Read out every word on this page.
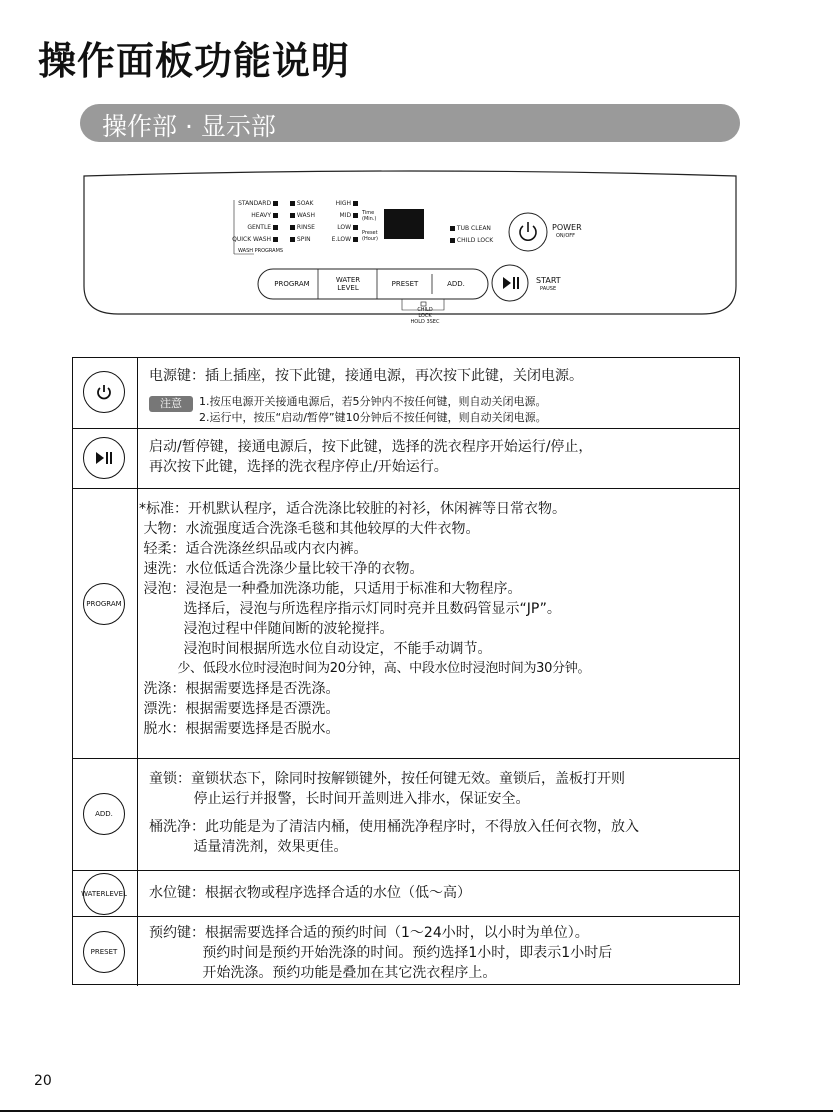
操作面板功能说明
操作部 · 显示部
STANDARD
HEAVY
GENTLE
QUICK WASH
WASH PROGRAMS
SOAK
WASH
RINSE
SPIN
HIGH
MID
LOW
E.LOW
Time (Min.)
Preset (Hour)
TUB CLEAN
CHILD LOCK
POWER
ON/OFF
START
PAUSE
PROGRAM	WATER
LEVEL	PRESET	ADD.
CHILD LOCK
HOLD 3SEC
电源键：插上插座，按下此键，接通电源，再次按下此键，关闭电源。
注意	1.按压电源开关接通电源后，若5分钟内不按任何键，则自动关闭电源。
2.运行中，按压“启动/暂停”键10分钟后不按任何键，则自动关闭电源。
启动/暂停键，接通电源后，按下此键，选择的洗衣程序开始运行/停止，
再次按下此键，选择的洗衣程序停止/开始运行。
PROGRAM
*标准：开机默认程序，适合洗涤比较脏的衬衫，休闲裤等日常衣物。
大物：水流强度适合洗涤毛毯和其他较厚的大件衣物。
轻柔：适合洗涤丝织品或内衣内裤。
速洗：水位低适合洗涤少量比较干净的衣物。
浸泡：浸泡是一种叠加洗涤功能，只适用于标准和大物程序。
选择后，浸泡与所选程序指示灯同时亮并且数码管显示“JP”。
浸泡过程中伴随间断的波轮搅拌。
浸泡时间根据所选水位自动设定，不能手动调节。
少、低段水位时浸泡时间为20分钟，高、中段水位时浸泡时间为30分钟。
洗涤：根据需要选择是否洗涤。
漂洗：根据需要选择是否漂洗。
脱水：根据需要选择是否脱水。
ADD.
童锁：童锁状态下，除同时按解锁键外，按任何键无效。童锁后，盖板打开则
停止运行并报警，长时间开盖则进入排水，保证安全。
桶洗净：此功能是为了清洁内桶，使用桶洗净程序时，不得放入任何衣物，放入
适量清洗剂，效果更佳。
WATER LEVEL 水位键：根据衣物或程序选择合适的水位（低～高）
PRESET
预约键：根据需要选择合适的预约时间（1～24小时，以小时为单位）。
预约时间是预约开始洗涤的时间。预约选择1小时，即表示1小时后
开始洗涤。预约功能是叠加在其它洗衣程序上。
20
